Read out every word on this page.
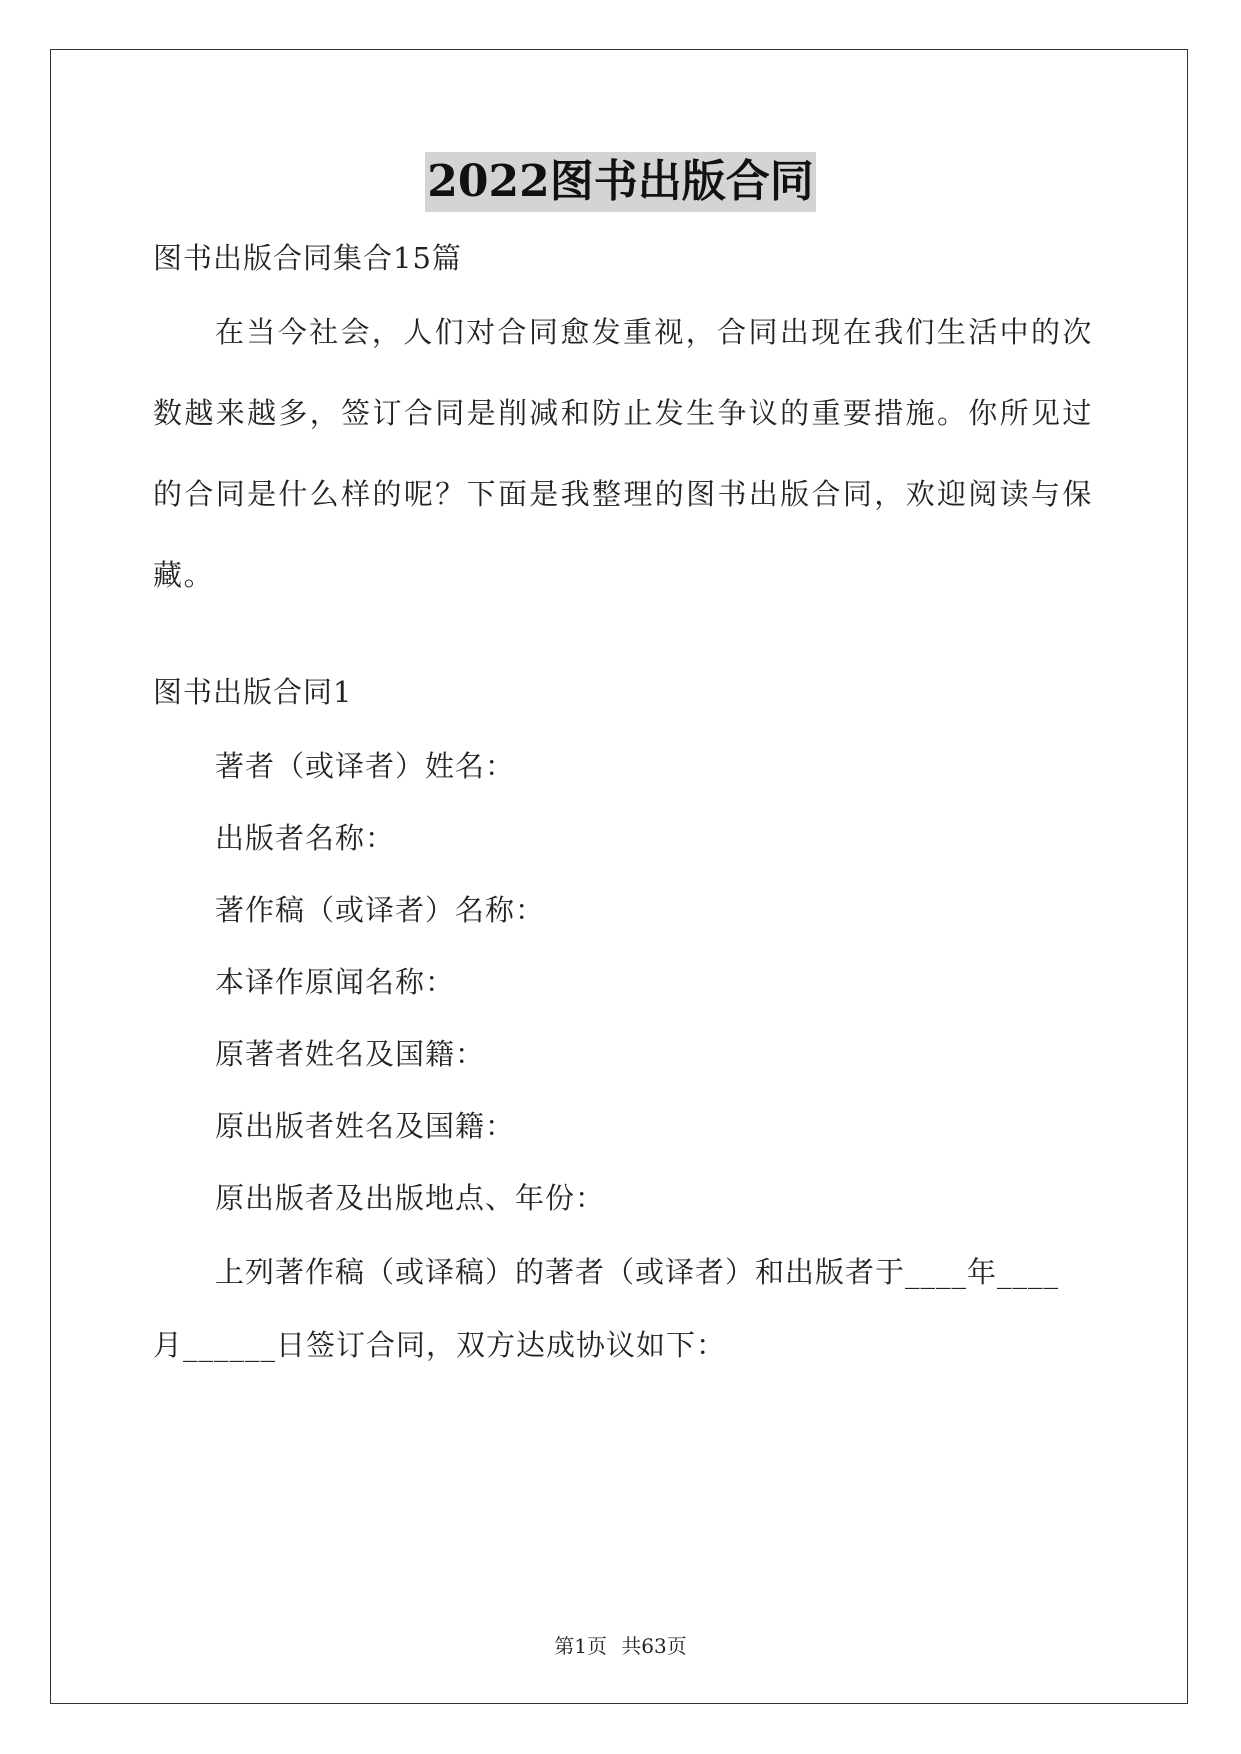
2022图书出版合同
图书出版合同集合15篇
在当今社会，人们对合同愈发重视，合同出现在我们生活中的次数越来越多，签订合同是削减和防止发生争议的重要措施。你所见过的合同是什么样的呢？下面是我整理的图书出版合同，欢迎阅读与保藏。
图书出版合同1
著者（或译者）姓名：
出版者名称：
著作稿（或译者）名称：
本译作原闻名称：
原著者姓名及国籍：
原出版者姓名及国籍：
原出版者及出版地点、年份：
上列著作稿（或译稿）的著者（或译者）和出版者于____年____
月______日签订合同，双方达成协议如下：
第1页 共63页
